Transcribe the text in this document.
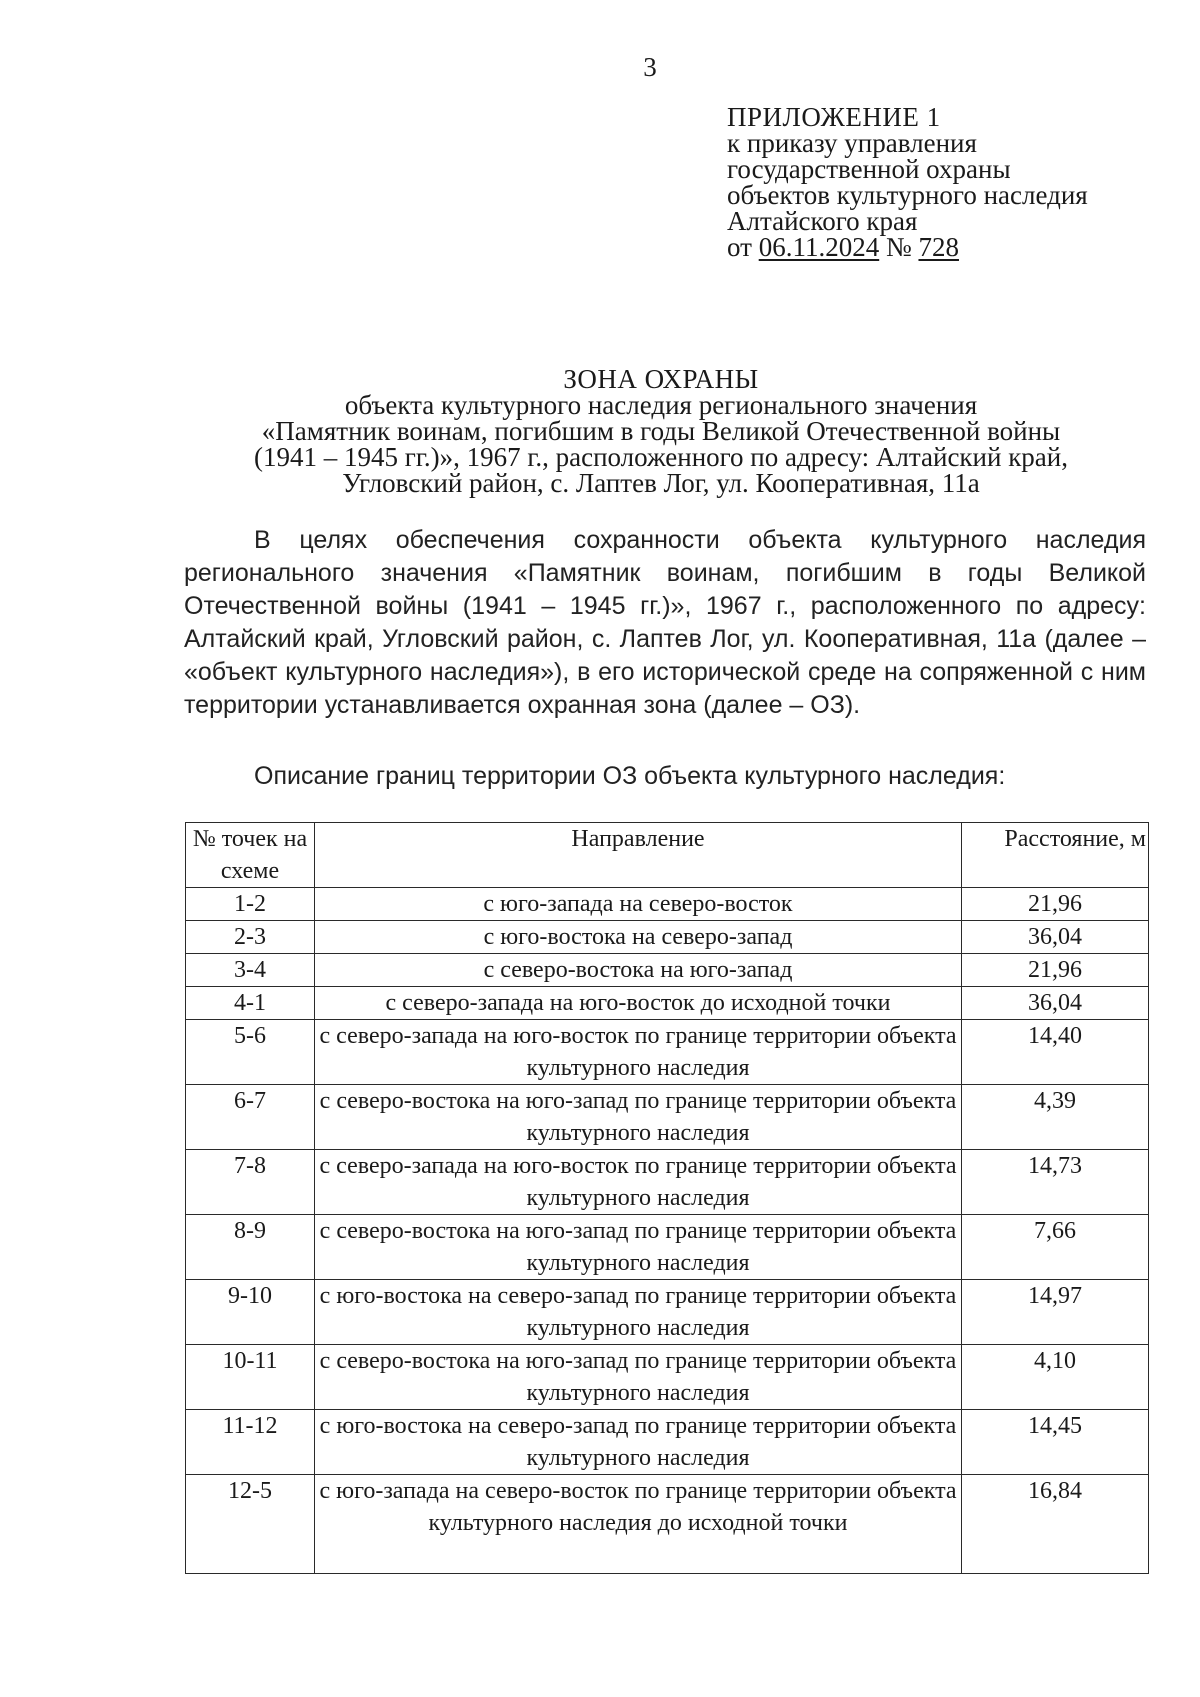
3
ПРИЛОЖЕНИЕ 1
к приказу управления
государственной охраны
объектов культурного наследия
Алтайского края
от 06.11.2024 № 728
ЗОНА ОХРАНЫ
объекта культурного наследия регионального значения
«Памятник воинам, погибшим в годы Великой Отечественной войны
(1941 – 1945 гг.)», 1967 г., расположенного по адресу: Алтайский край,
Угловский район, с. Лаптев Лог, ул. Кооперативная, 11а

В целях обеспечения сохранности объекта культурного наследия регионального значения «Памятник воинам, погибшим в годы Великой Отечественной войны (1941 – 1945 гг.)», 1967 г., расположенного по адресу: Алтайский край, Угловский район, с. Лаптев Лог, ул. Кооперативная, 11а (далее – «объект культурного наследия»), в его исторической среде на сопряженной с ним территории устанавливается охранная зона (далее – ОЗ).

Описание границ территории ОЗ объекта культурного наследия:
№ точек на схеме	Направление	Расстояние, м
1-2	с юго-запада на северо-восток	21,96
2-3	с юго-востока на северо-запад	36,04
3-4	с северо-востока на юго-запад	21,96
4-1	с северо-запада на юго-восток до исходной точки	36,04
5-6	с северо-запада на юго-восток по границе территории объекта культурного наследия	14,40
6-7	с северо-востока на юго-запад по границе территории объекта культурного наследия	4,39
7-8	с северо-запада на юго-восток по границе территории объекта культурного наследия	14,73
8-9	с северо-востока на юго-запад по границе территории объекта культурного наследия	7,66
9-10	с юго-востока на северо-запад по границе территории объекта культурного наследия	14,97
10-11	с северо-востока на юго-запад по границе территории объекта культурного наследия	4,10
11-12	с юго-востока на северо-запад по границе территории объекта культурного наследия	14,45
12-5	с юго-запада на северо-восток по границе территории объекта культурного наследия до исходной точки	16,84
